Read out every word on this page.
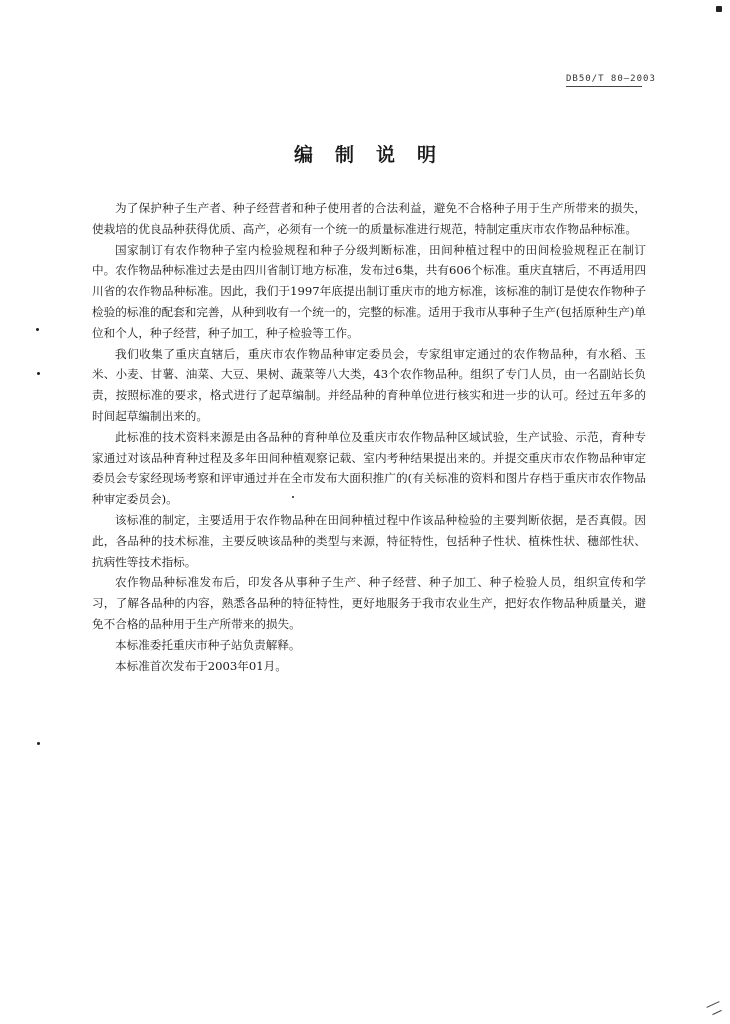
DB50/T 80—2003
编制说明

为了保护种子生产者、种子经营者和种子使用者的合法利益，避免不合格种子用于生产所带来的损失，使栽培的优良品种获得优质、高产，必须有一个统一的质量标准进行规范，特制定重庆市农作物品种标准。

国家制订有农作物种子室内检验规程和种子分级判断标准，田间种植过程中的田间检验规程正在制订中。农作物品种标准过去是由四川省制订地方标准，发布过6集，共有606个标准。重庆直辖后，不再适用四川省的农作物品种标准。因此，我们于1997年底提出制订重庆市的地方标准，该标准的制订是使农作物种子检验的标准的配套和完善，从种到收有一个统一的，完整的标准。适用于我市从事种子生产(包括原种生产)单位和个人，种子经营，种子加工，种子检验等工作。

我们收集了重庆直辖后，重庆市农作物品种审定委员会，专家组审定通过的农作物品种，有水稻、玉米、小麦、甘薯、油菜、大豆、果树、蔬菜等八大类，43个农作物品种。组织了专门人员，由一名副站长负责，按照标准的要求，格式进行了起草编制。并经品种的育种单位进行核实和进一步的认可。经过五年多的时间起草编制出来的。

此标准的技术资料来源是由各品种的育种单位及重庆市农作物品种区域试验，生产试验、示范，育种专家通过对该品种育种过程及多年田间种植观察记载、室内考种结果提出来的。并提交重庆市农作物品种审定委员会专家经现场考察和评审通过并在全市发布大面积推广的(有关标准的资料和图片存档于重庆市农作物品种审定委员会)。

该标准的制定，主要适用于农作物品种在田间种植过程中作该品种检验的主要判断依据，是否真假。因此，各品种的技术标准，主要反映该品种的类型与来源，特征特性，包括种子性状、植株性状、穗部性状、抗病性等技术指标。

农作物品种标准发布后，印发各从事种子生产、种子经营、种子加工、种子检验人员，组织宣传和学习，了解各品种的内容，熟悉各品种的特征特性，更好地服务于我市农业生产，把好农作物品种质量关，避免不合格的品种用于生产所带来的损失。

本标准委托重庆市种子站负责解释。

本标准首次发布于2003年01月。
